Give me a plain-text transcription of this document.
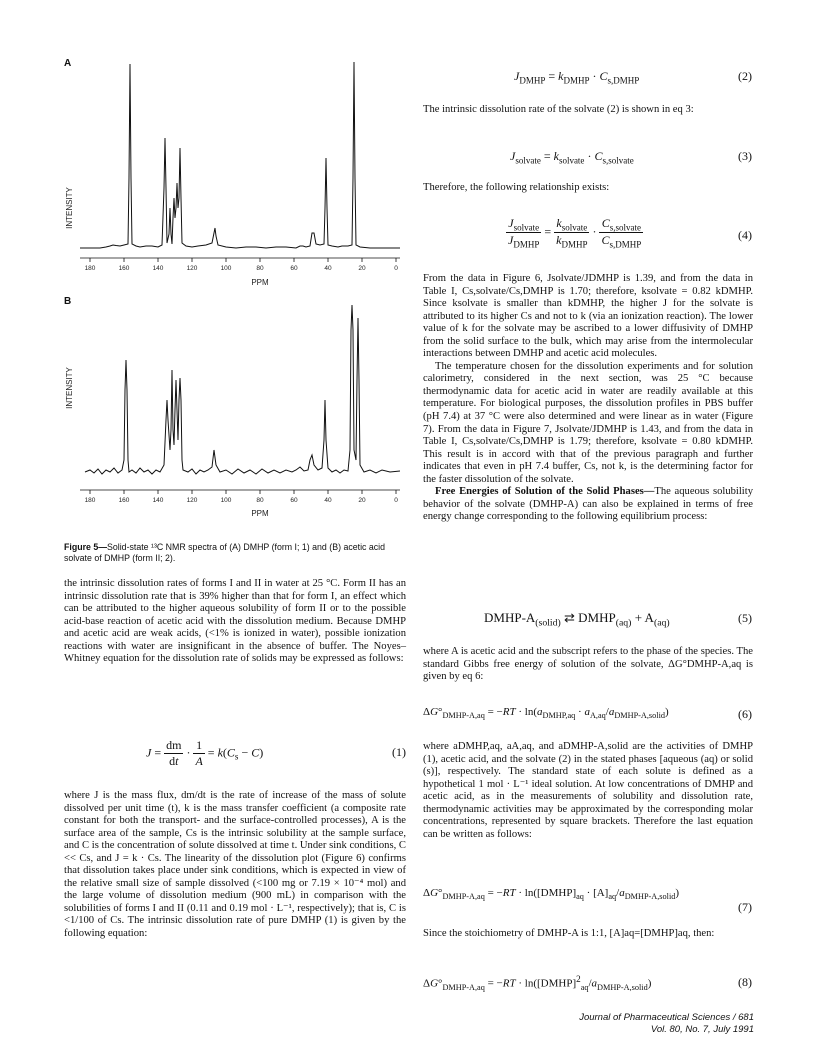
A
B
INTENSITY
180	160	140	120	100	80	60	40	20	0
PPM
INTENSITY
180	160	140	120	100	80	60	40	20	0
PPM
Figure 5—Solid-state ¹³C NMR spectra of (A) DMHP (form I; 1) and (B) acetic acid solvate of DMHP (form II; 2).

the intrinsic dissolution rates of forms I and II in water at 25 °C. Form II has an intrinsic dissolution rate that is 39% higher than that for form I, an effect which can be attributed to the higher aqueous solubility of form II or to the possible acid-base reaction of acetic acid with the dissolution medium. Because DMHP and acetic acid are weak acids, (<1% is ionized in water), possible ionization reactions with water are insignificant in the absence of buffer. The Noyes–Whitney equation for the dissolution rate of solids may be expressed as follows:

$J = \frac{dm}{dt} \cdot \frac{1}{A} = k(C_s - C)$	(1)

where J is the mass flux, dm/dt is the rate of increase of the mass of solute dissolved per unit time (t), k is the mass transfer coefficient (a composite rate constant for both the transport- and the surface-controlled processes), A is the surface area of the sample, Cs is the intrinsic solubility at the sample surface, and C is the concentration of solute dissolved at time t. Under sink conditions, C << Cs, and J = k · Cs. The linearity of the dissolution plot (Figure 6) confirms that dissolution takes place under sink conditions, which is expected in view of the relative small size of sample dissolved (<100 mg or 7.19 × 10⁻⁴ mol) and the large volume of dissolution medium (900 mL) in comparison with the solubilities of forms I and II (0.11 and 0.19 mol · L⁻¹, respectively); that is, C is <1/100 of Cs. The intrinsic dissolution rate of pure DMHP (1) is given by the following equation:

$J_{DMHP} = k_{DMHP} \cdot C_{s,DMHP}$	(2)

The intrinsic dissolution rate of the solvate (2) is shown in eq 3:

$J_{solvate} = k_{solvate} \cdot C_{s,solvate}$	(3)

Therefore, the following relationship exists:

$\frac{J_{solvate}}{J_{DMHP}} = \frac{k_{solvate}}{k_{DMHP}} \cdot \frac{C_{s,solvate}}{C_{s,DMHP}}$	(4)

From the data in Figure 6, Jsolvate/JDMHP is 1.39, and from the data in Table I, Cs,solvate/Cs,DMHP is 1.70; therefore, ksolvate = 0.82 kDMHP. Since ksolvate is smaller than kDMHP, the higher J for the solvate is attributed to its higher Cs and not to k (via an ionization reaction). The lower value of k for the solvate may be ascribed to a lower diffusivity of DMHP from the solid surface to the bulk, which may arise from the intermolecular interactions between DMHP and acetic acid molecules.

The temperature chosen for the dissolution experiments and for solution calorimetry, considered in the next section, was 25 °C because thermodynamic data for acetic acid in water are readily available at this temperature. For biological purposes, the dissolution profiles in PBS buffer (pH 7.4) at 37 °C were also determined and were linear as in water (Figure 7). From the data in Figure 7, Jsolvate/JDMHP is 1.43, and from the data in Table I, Cs,solvate/Cs,DMHP is 1.79; therefore, ksolvate = 0.80 kDMHP. This result is in accord with that of the previous paragraph and further indicates that even in pH 7.4 buffer, Cs, not k, is the determining factor for the faster dissolution of the solvate.

Free Energies of Solution of the Solid Phases—The aqueous solubility behavior of the solvate (DMHP-A) can also be explained in terms of free energy change corresponding to the following equilibrium process:

DMHP-$A_{(solid)}$ ⇄ $DMHP_{(aq)} + A_{(aq)}$	(5)

where A is acetic acid and the subscript refers to the phase of the species. The standard Gibbs free energy of solution of the solvate, ΔG°DMHP-A,aq is given by eq 6:

$\Delta G^\circ_{DMHP-A,aq} = -RT \cdot \ln(a_{DMHP,aq} \cdot a_{A,aq}/a_{DMHP-A,solid})$	(6)

where aDMHP,aq, aA,aq, and aDMHP-A,solid are the activities of DMHP (1), acetic acid, and the solvate (2) in the stated phases [aqueous (aq) or solid (s)], respectively. The standard state of each solute is defined as a hypothetical 1 mol · L⁻¹ ideal solution. At low concentrations of DMHP and acetic acid, as in the measurements of solubility and dissolution rate, thermodynamic activities may be approximated by the corresponding molar concentrations, represented by square brackets. Therefore the last equation can be written as follows:

$\Delta G^\circ_{DMHP-A,aq} = -RT$ · $\ln([DMHP]_{aq} \cdot [A]_{aq}/a_{DMHP-A,solid})$
(7)

Since the stoichiometry of DMHP-A is 1:1, [A]aq=[DMHP]aq, then:

$\Delta G^\circ_{DMHP-A,aq} = -RT$ · $\ln([DMHP]^2_{aq}/a_{DMHP-A,solid})$	(8)
Journal of Pharmaceutical Sciences / 681
Vol. 80, No. 7, July 1991
